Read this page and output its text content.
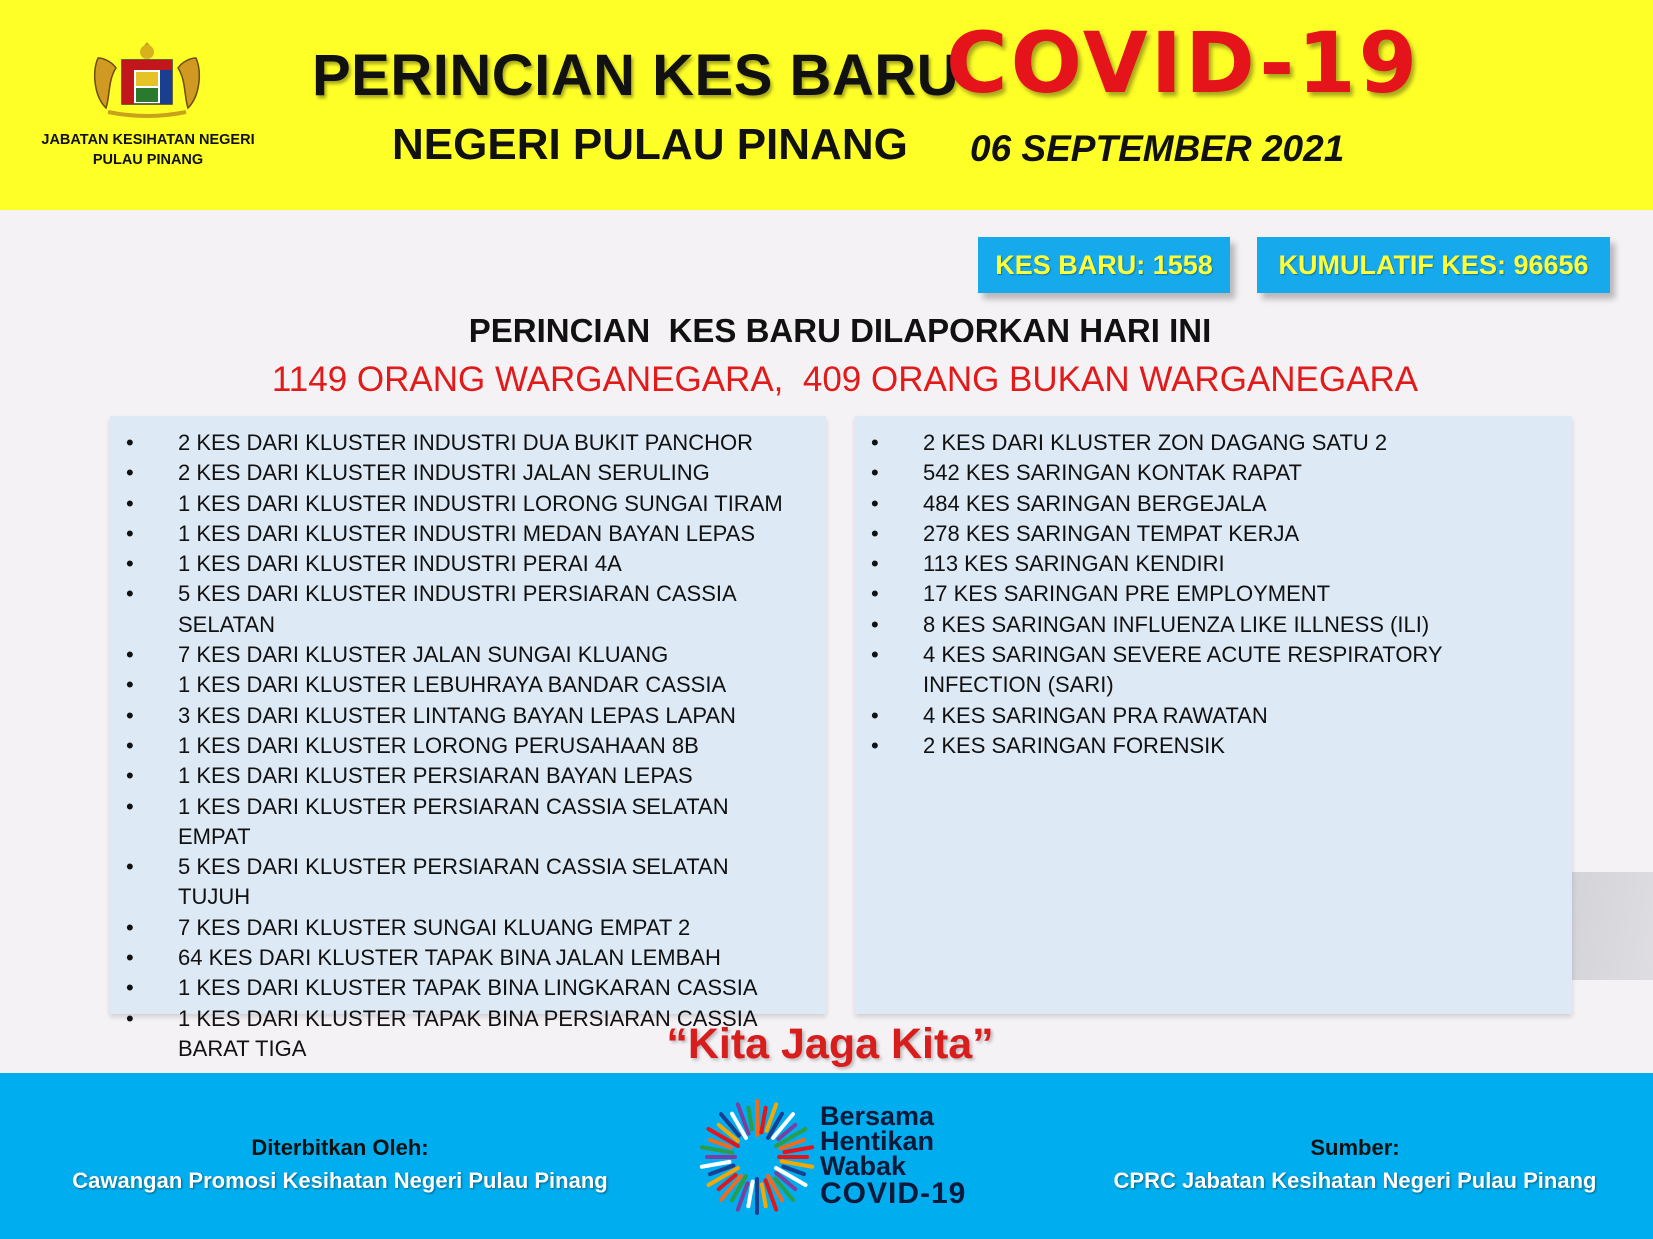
JABATAN KESIHATAN NEGERI PULAU PINANG
PERINCIAN KES BARU
COVID-19
NEGERI PULAU PINANG 06 SEPTEMBER 2021
KES BARU: 1558	KUMULATIF KES: 96656
PERINCIAN  KES BARU DILAPORKAN HARI INI
1149 ORANG WARGANEGARA,  409 ORANG BUKAN WARGANEGARA
• 2 KES DARI KLUSTER INDUSTRI DUA BUKIT PANCHOR
• 2 KES DARI KLUSTER INDUSTRI JALAN SERULING
• 1 KES DARI KLUSTER INDUSTRI LORONG SUNGAI TIRAM
• 1 KES DARI KLUSTER INDUSTRI MEDAN BAYAN LEPAS
• 1 KES DARI KLUSTER INDUSTRI PERAI 4A
• 5 KES DARI KLUSTER INDUSTRI PERSIARAN CASSIA SELATAN
• 7 KES DARI KLUSTER JALAN SUNGAI KLUANG
• 1 KES DARI KLUSTER LEBUHRAYA BANDAR CASSIA
• 3 KES DARI KLUSTER LINTANG BAYAN LEPAS LAPAN
• 1 KES DARI KLUSTER LORONG PERUSAHAAN 8B
• 1 KES DARI KLUSTER PERSIARAN BAYAN LEPAS
• 1 KES DARI KLUSTER PERSIARAN CASSIA SELATAN EMPAT
• 5 KES DARI KLUSTER PERSIARAN CASSIA SELATAN TUJUH
• 7 KES DARI KLUSTER SUNGAI KLUANG EMPAT 2
• 64 KES DARI KLUSTER TAPAK BINA JALAN LEMBAH
• 1 KES DARI KLUSTER TAPAK BINA LINGKARAN CASSIA
• 1 KES DARI KLUSTER TAPAK BINA PERSIARAN CASSIA BARAT TIGA
• 2 KES DARI KLUSTER ZON DAGANG SATU 2
• 542 KES SARINGAN KONTAK RAPAT
• 484 KES SARINGAN BERGEJALA
• 278 KES SARINGAN TEMPAT KERJA
• 113 KES SARINGAN KENDIRI
• 17 KES SARINGAN PRE EMPLOYMENT
• 8 KES SARINGAN INFLUENZA LIKE ILLNESS (ILI)
• 4 KES SARINGAN SEVERE ACUTE RESPIRATORY INFECTION (SARI)
• 4 KES SARINGAN PRA RAWATAN
• 2 KES SARINGAN FORENSIK
“Kita Jaga Kita”
Diterbitkan Oleh:
Cawangan Promosi Kesihatan Negeri Pulau Pinang
Bersama
Hentikan
Wabak
COVID-19
Sumber:
CPRC Jabatan Kesihatan Negeri Pulau Pinang
